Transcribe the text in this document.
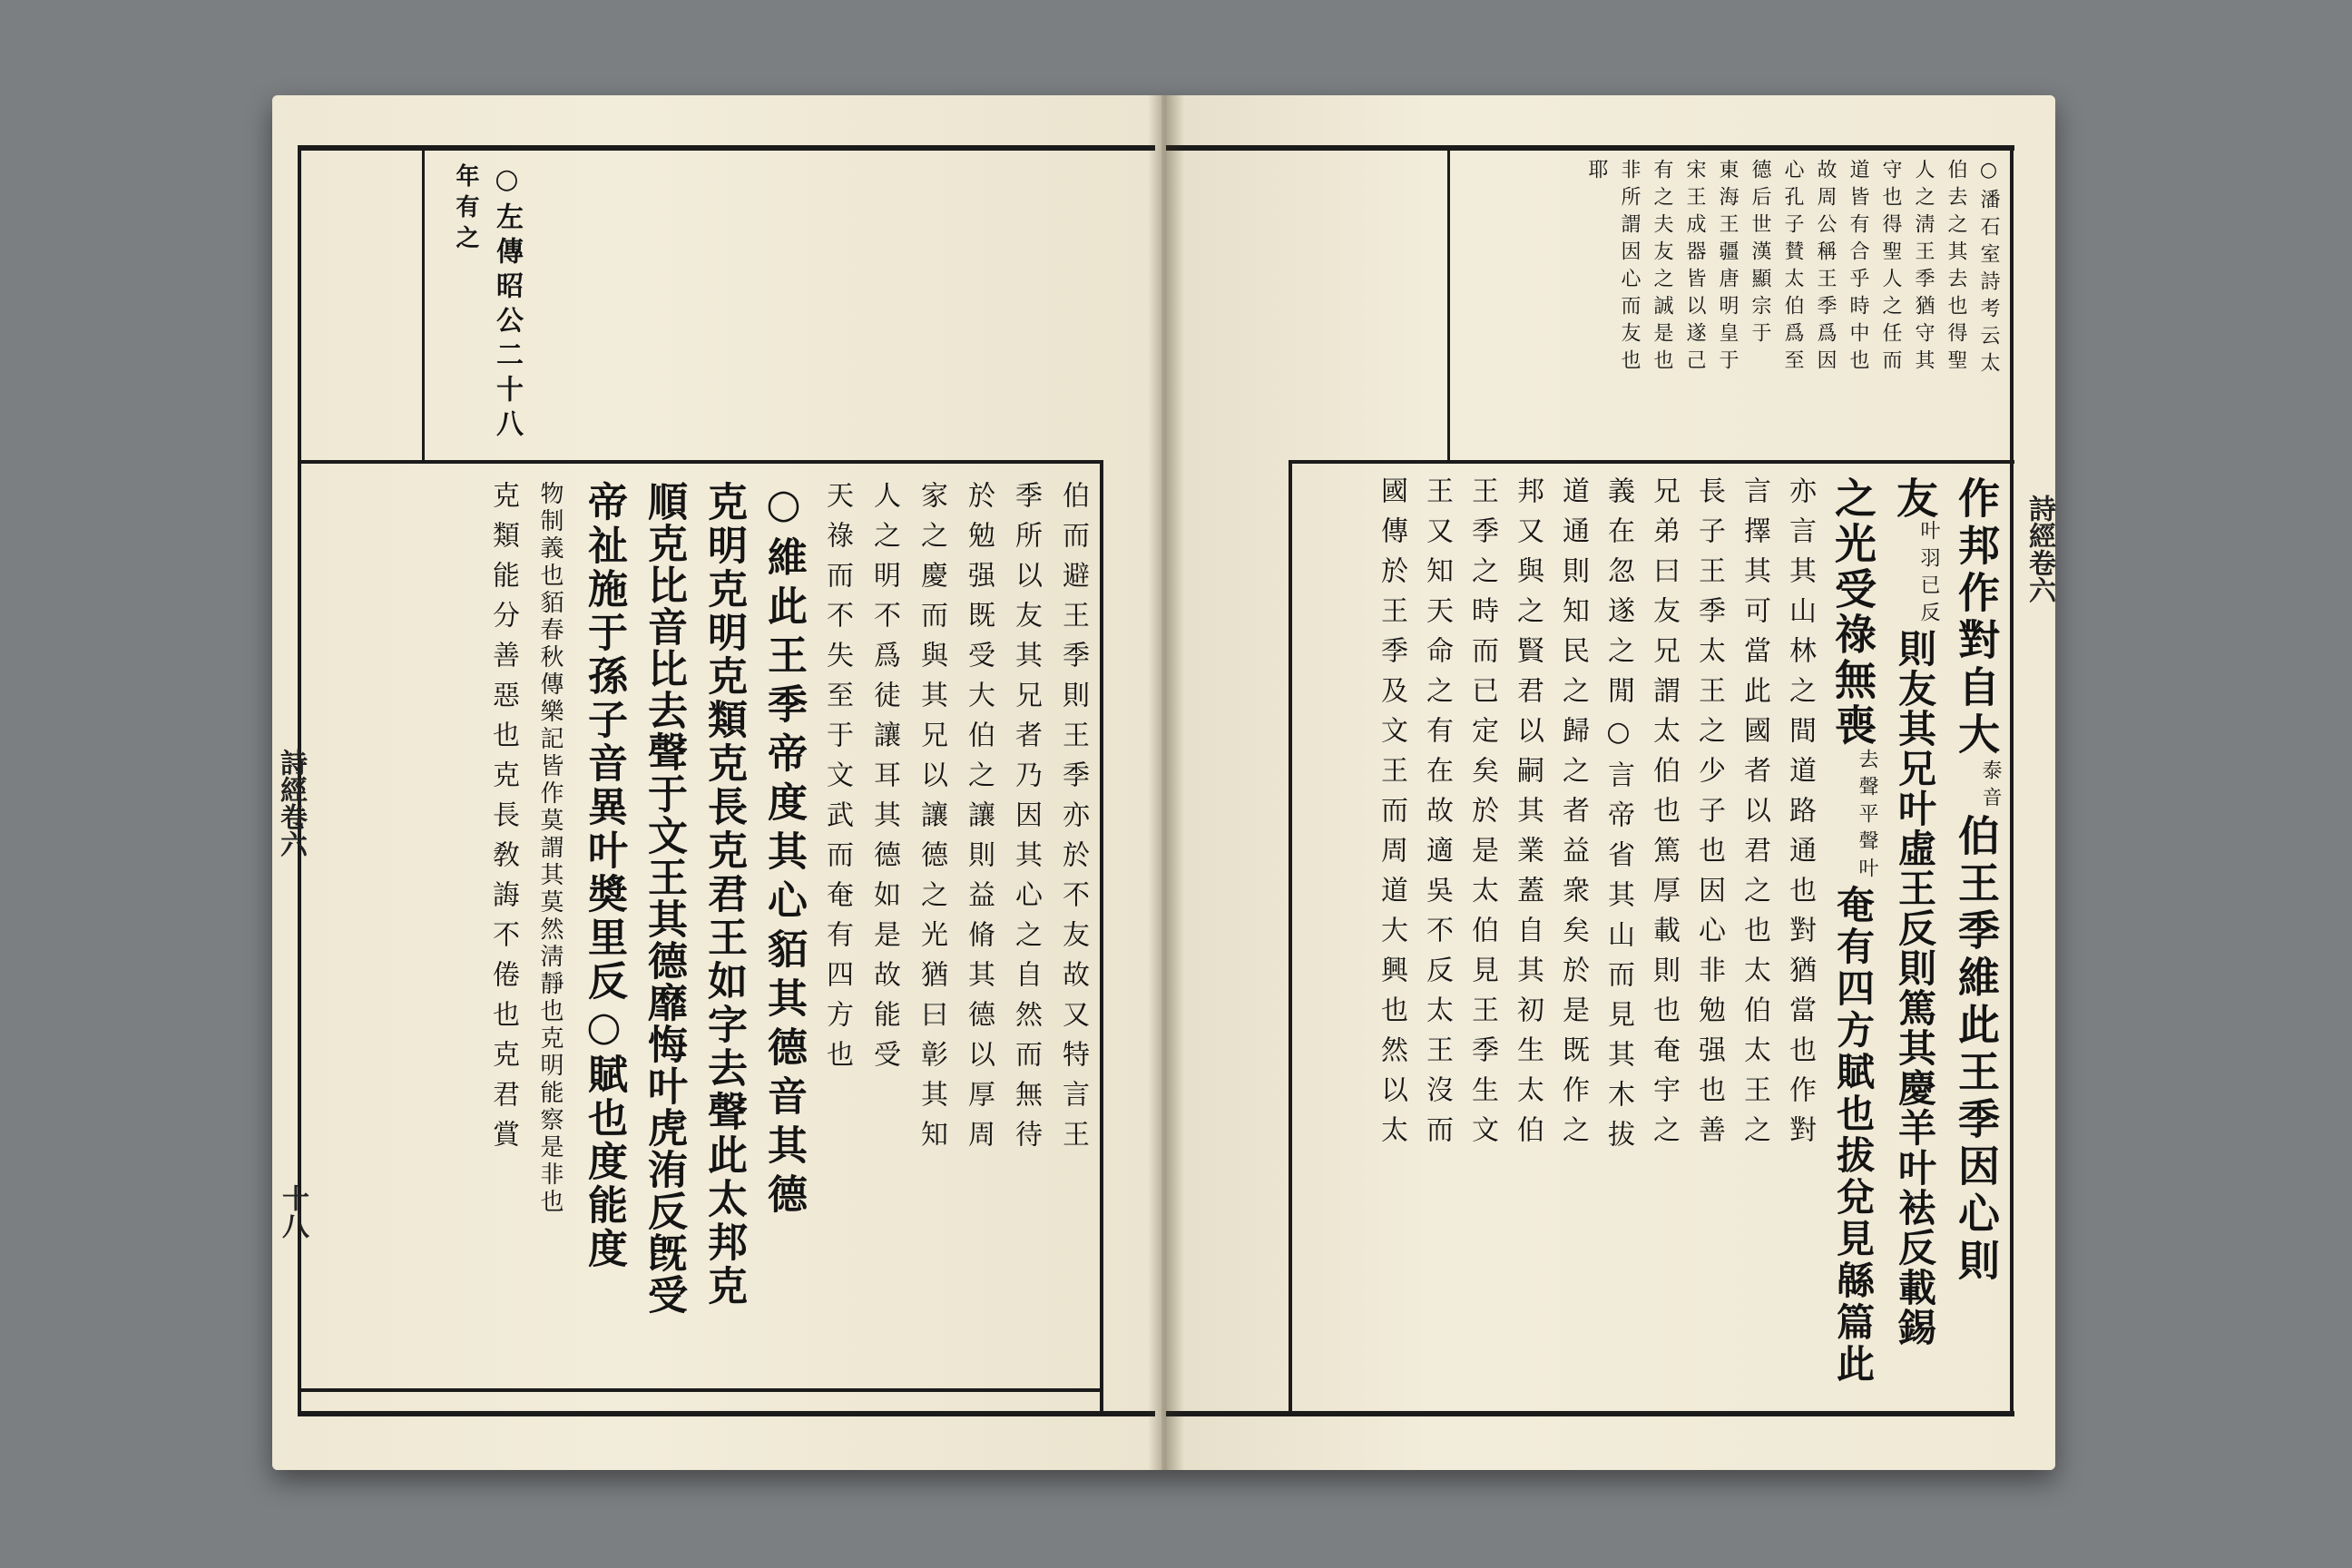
○左傳昭公二十八
年有之
伯而避王季則王季亦於不友故又特言王
季所以友其兄者乃因其心之自然而無待
於勉强既受大伯之讓則益脩其德以厚周
家之慶而與其兄以讓德之光猶曰彰其知
人之明不爲徒讓耳其德如是故能受
天祿而不失至于文武而奄有四方也
○維此王季帝度其心貊其德音其德
克明克明克類克長克君王如字去聲此太邦克
順克比音比去聲于文王其德靡悔叶虎洧反旣受
帝祉施于孫子音異叶奬里反○賦也度能度
物制義也貊春秋傳樂記皆作莫謂其莫然淸靜也克明能察是非也
克類能分善惡也克長敎誨不倦也克君賞
詩經卷六
十八
○潘石室詩考云太
伯去之其去也得聖
人之淸王季猶守其
守也得聖人之任而
道皆有合乎時中也
故周公稱王季爲因
心孔子賛太伯爲至
德后世漢顯宗于
東海王疆唐明皇于
宋王成器皆以遂己
有之夫友之誠是也
非所謂因心而友也
耶
作邦作對自大
泰音
伯王季維此王季因心則
友
叶羽已反
則友其兄叶虛王反則篤其慶羊叶袪反載錫
之光受祿無喪
去聲平聲叶
奄有四方賦也拔兌見緜篇此
亦言其山林之間道路通也對猶當也作對
言擇其可當此國者以君之也太伯太王之
長子王季太王之少子也因心非勉强也善
兄弟曰友兄謂太伯也篤厚載則也奄宇之
義在忽遂之閒○言帝省其山而見其木拔
道通則知民之歸之者益衆矣於是既作之
邦又與之賢君以嗣其業蓋自其初生太伯
王季之時而已定矣於是太伯見王季生文
王又知天命之有在故適吳不反太王沒而
國傳於王季及文王而周道大興也然以太	詩經卷六
